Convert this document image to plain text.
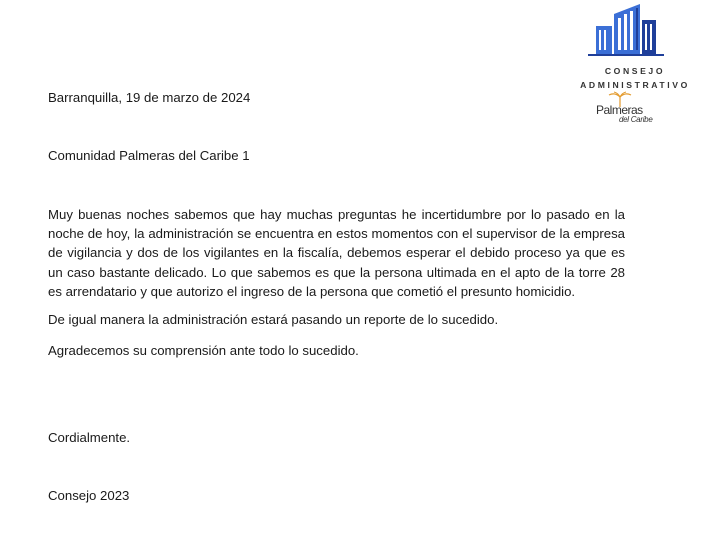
CONSEJO
ADMINISTRATIVO
Palmeras
del Caribe
Barranquilla, 19 de marzo de 2024
Comunidad Palmeras del Caribe 1

Muy buenas noches sabemos que hay muchas preguntas he incertidumbre por lo pasado en la noche de hoy, la administración se encuentra en estos momentos con el supervisor de la empresa de vigilancia y dos de los vigilantes en la fiscalía, debemos esperar el debido proceso ya que es un caso bastante delicado. Lo que sabemos es que la persona ultimada en el apto de la torre 28 es arrendatario y que autorizo el ingreso de la persona que cometió el presunto homicidio.

De igual manera la administración estará pasando un reporte de lo sucedido.

Agradecemos su comprensión ante todo lo sucedido.

Cordialmente.
Consejo 2023
